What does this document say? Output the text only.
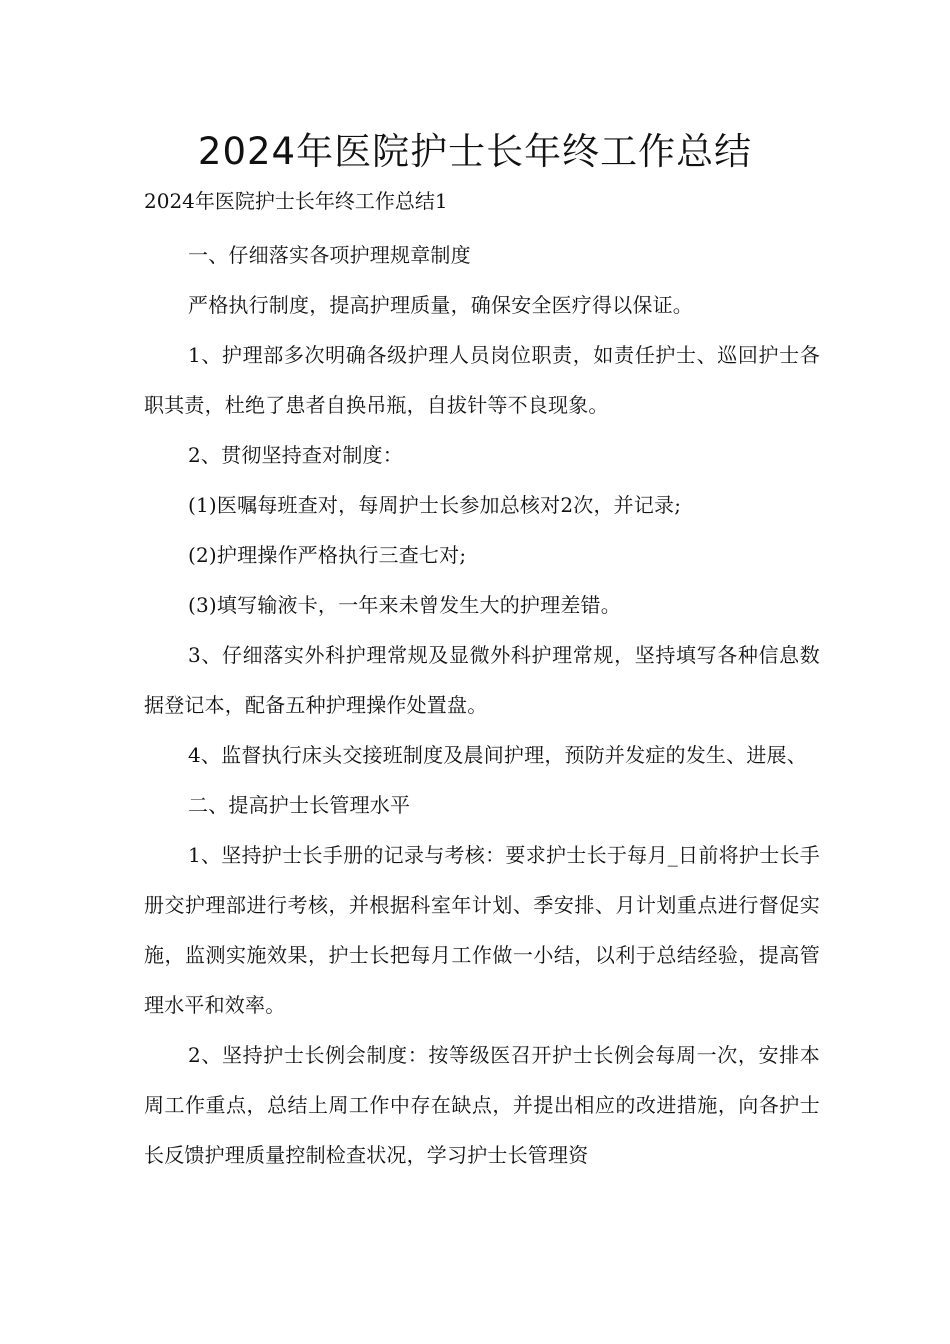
2024年医院护士长年终工作总结

2024年医院护士长年终工作总结1

一、仔细落实各项护理规章制度

严格执行制度，提高护理质量，确保安全医疗得以保证。

1、护理部多次明确各级护理人员岗位职责，如责任护士、巡回护士各职其责，杜绝了患者自换吊瓶，自拔针等不良现象。

2、贯彻坚持查对制度：

(1)医嘱每班查对，每周护士长参加总核对2次，并记录;

(2)护理操作严格执行三查七对;

(3)填写输液卡，一年来未曾发生大的护理差错。

3、仔细落实外科护理常规及显微外科护理常规，坚持填写各种信息数据登记本，配备五种护理操作处置盘。

4、监督执行床头交接班制度及晨间护理，预防并发症的发生、进展、

二、提高护士长管理水平

1、坚持护士长手册的记录与考核：要求护士长于每月_日前将护士长手册交护理部进行考核，并根据科室年计划、季安排、月计划重点进行督促实施，监测实施效果，护士长把每月工作做一小结，以利于总结经验，提高管理水平和效率。

2、坚持护士长例会制度：按等级医召开护士长例会每周一次，安排本周工作重点，总结上周工作中存在缺点，并提出相应的改进措施，向各护士长反馈护理质量控制检查状况，学习护士长管理资
